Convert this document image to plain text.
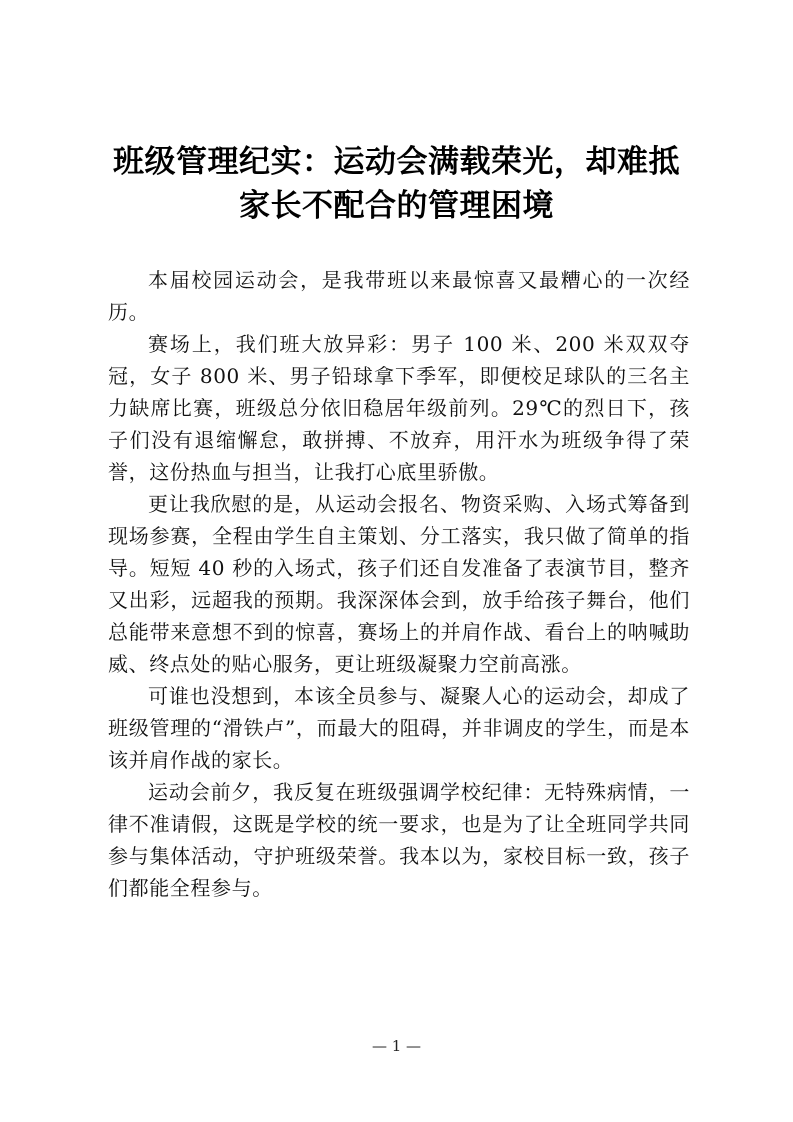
班级管理纪实：运动会满载荣光，却难抵
家长不配合的管理困境

本届校园运动会，是我带班以来最惊喜又最糟心的一次经历。

赛场上，我们班大放异彩：男子 100 米、200 米双双夺冠，女子 800 米、男子铅球拿下季军，即便校足球队的三名主力缺席比赛，班级总分依旧稳居年级前列。29℃的烈日下，孩子们没有退缩懈怠，敢拼搏、不放弃，用汗水为班级争得了荣誉，这份热血与担当，让我打心底里骄傲。

更让我欣慰的是，从运动会报名、物资采购、入场式筹备到现场参赛，全程由学生自主策划、分工落实，我只做了简单的指导。短短 40 秒的入场式，孩子们还自发准备了表演节目，整齐又出彩，远超我的预期。我深深体会到，放手给孩子舞台，他们总能带来意想不到的惊喜，赛场上的并肩作战、看台上的呐喊助威、终点处的贴心服务，更让班级凝聚力空前高涨。

可谁也没想到，本该全员参与、凝聚人心的运动会，却成了班级管理的“滑铁卢”，而最大的阻碍，并非调皮的学生，而是本该并肩作战的家长。

运动会前夕，我反复在班级强调学校纪律：无特殊病情，一律不准请假，这既是学校的统一要求，也是为了让全班同学共同参与集体活动，守护班级荣誉。我本以为，家校目标一致，孩子们都能全程参与。

— 1 —
